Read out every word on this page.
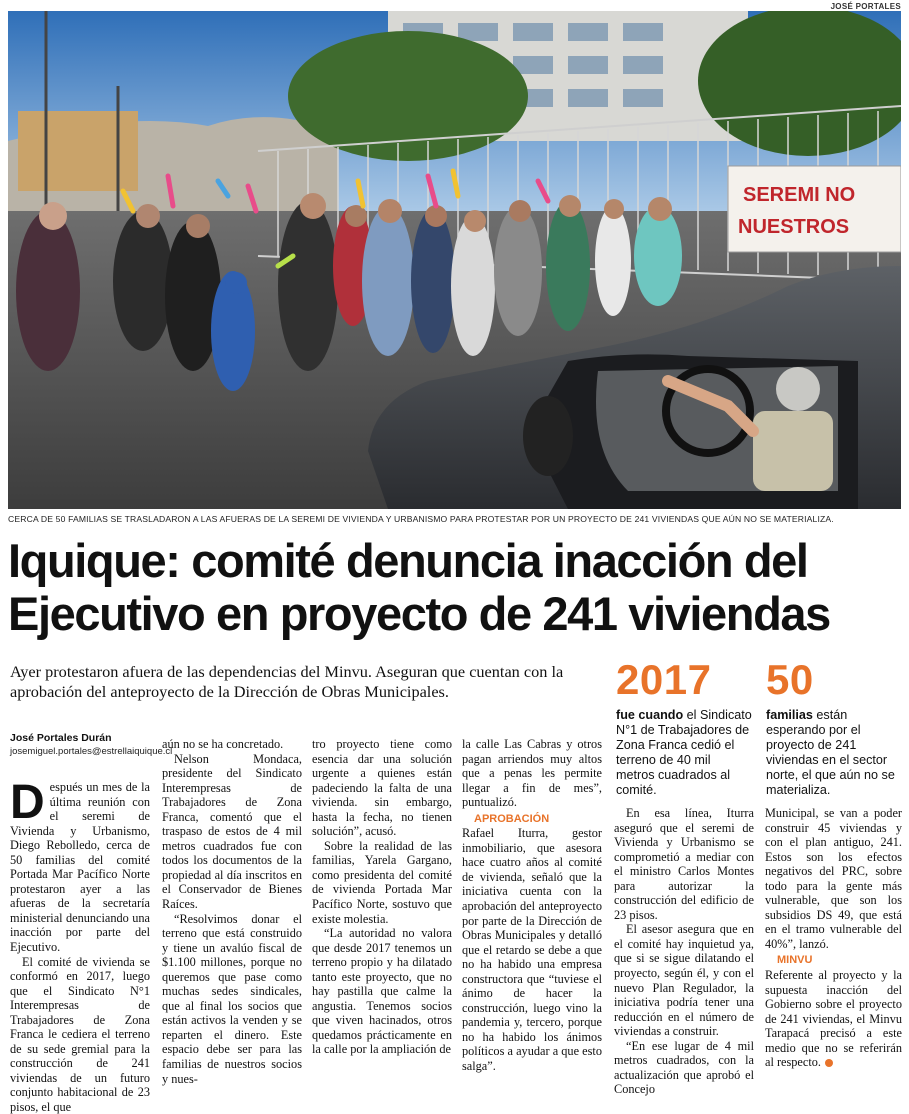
JOSÉ PORTALES
SEREMI NO
NUESTROS
CERCA DE 50 FAMILIAS SE TRASLADARON A LAS AFUERAS DE LA SEREMI DE VIVIENDA Y URBANISMO PARA PROTESTAR POR UN PROYECTO DE 241 VIVIENDAS QUE AÚN NO SE MATERIALIZA.
Iquique: comité denuncia inacción del
Ejecutivo en proyecto de 241 viviendas
Ayer protestaron afuera de las dependencias del Minvu. Aseguran que cuentan con la aprobación del anteproyecto de la Dirección de Obras Municipales.	2017
fue cuando el Sindicato N°1 de Trabajadores de Zona Franca cedió el terreno de 40 mil metros cuadrados al comité.
50
familias están esperando por el proyecto de 241 viviendas en el sector norte, el que aún no se materializa.
José Portales Durán
josemiguel.portales@estrellaiquique.cl

Después un mes de la última reunión con el seremi de Vivienda y Urbanismo, Diego Rebolledo, cerca de 50 familias del comité Portada Mar Pacífico Norte protestaron ayer a las afueras de la secretaría ministerial denunciando una inacción por parte del Ejecutivo.

El comité de vivienda se conformó en 2017, luego que el Sindicato N°1 Interempresas de Trabajadores de Zona Franca le cediera el terreno de su sede gremial para la construcción de 241 viviendas de un futuro conjunto habitacional de 23 pisos, el que

aún no se ha concretado.

Nelson Mondaca, presidente del Sindicato Interempresas de Trabajadores de Zona Franca, comentó que el traspaso de estos de 4 mil metros cuadrados fue con todos los documentos de la propiedad al día inscritos en el Conservador de Bienes Raíces.

“Resolvimos donar el terreno que está construido y tiene un avalúo fiscal de $1.100 millones, porque no queremos que pase como muchas sedes sindicales, que al final los socios que están activos la venden y se reparten el dinero. Este espacio debe ser para las familias de nuestros socios y nues-

tro proyecto tiene como esencia dar una solución urgente a quienes están padeciendo la falta de una vivienda. sin embargo, hasta la fecha, no tienen solución”, acusó.

Sobre la realidad de las familias, Yarela Gargano, como presidenta del comité de vivienda Portada Mar Pacífico Norte, sostuvo que existe molestia.

“La autoridad no valora que desde 2017 tenemos un terreno propio y ha dilatado tanto este proyecto, que no hay pastilla que calme la angustia. Tenemos socios que viven hacinados, otros quedamos prácticamente en la calle por la ampliación de

la calle Las Cabras y otros pagan arriendos muy altos que a penas les permite llegar a fin de mes”, puntualizó.

APROBACIÓN

Rafael Iturra, gestor inmobiliario, que asesora hace cuatro años al comité de vivienda, señaló que la iniciativa cuenta con la aprobación del anteproyecto por parte de la Dirección de Obras Municipales y detalló que el retardo se debe a que no ha habido una empresa constructora que “tuviese el ánimo de hacer la construcción, luego vino la pandemia y, tercero, porque no ha habido los ánimos políticos a ayudar a que esto salga”.

En esa línea, Iturra aseguró que el seremi de Vivienda y Urbanismo se comprometió a mediar con el ministro Carlos Montes para autorizar la construcción del edificio de 23 pisos.

El asesor asegura que en el comité hay inquietud ya, que si se sigue dilatando el proyecto, según él, y con el nuevo Plan Regulador, la iniciativa podría tener una reducción en el número de viviendas a construir.

“En ese lugar de 4 mil metros cuadrados, con la actualización que aprobó el Concejo

Municipal, se van a poder construir 45 viviendas y con el plan antiguo, 241. Estos son los efectos negativos del PRC, sobre todo para la gente más vulnerable, que son los subsidios DS 49, que está en el tramo vulnerable del 40%”, lanzó.

MINVU

Referente al proyecto y la supuesta inacción del Gobierno sobre el proyecto de 241 viviendas, el Minvu Tarapacá precisó a este medio que no se referirán al respecto.
